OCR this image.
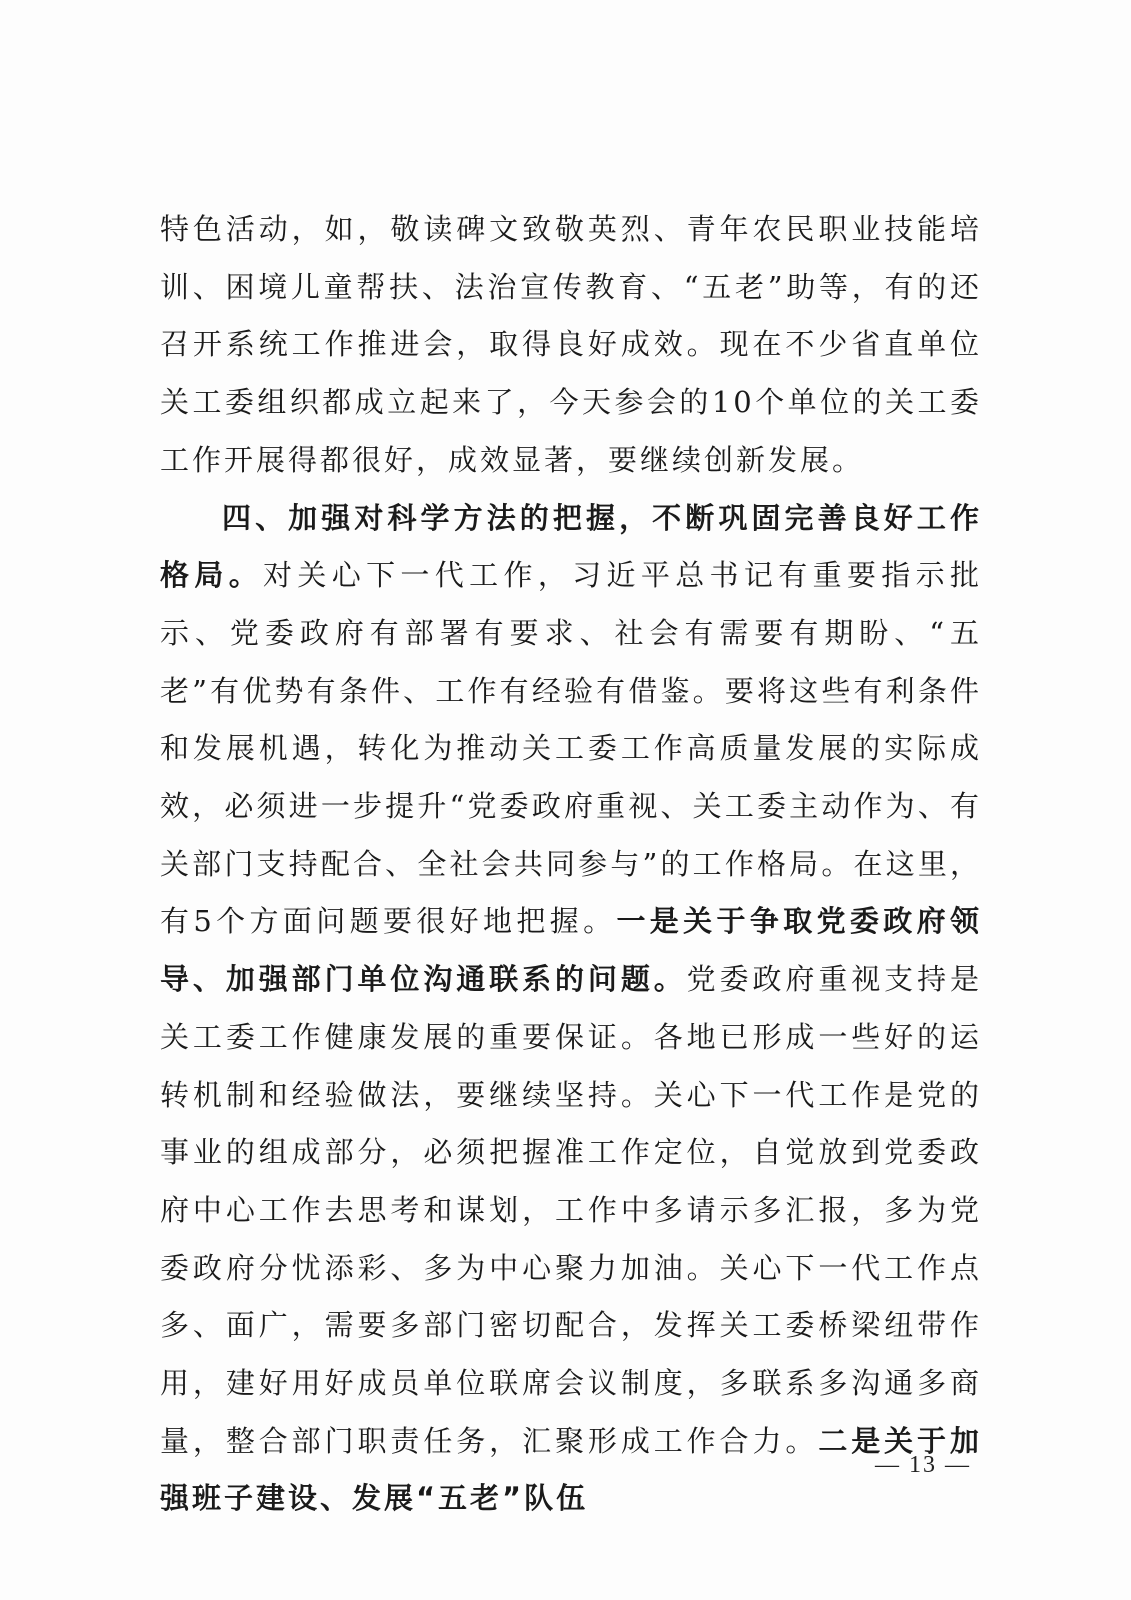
特色活动，如，敬读碑文致敬英烈、青年农民职业技能培训、困境儿童帮扶、法治宣传教育、“五老”助等，有的还召开系统工作推进会，取得良好成效。现在不少省直单位关工委组织都成立起来了，今天参会的10个单位的关工委工作开展得都很好，成效显著，要继续创新发展。

四、加强对科学方法的把握，不断巩固完善良好工作格局。对关心下一代工作，习近平总书记有重要指示批示、党委政府有部署有要求、社会有需要有期盼、“五老”有优势有条件、工作有经验有借鉴。要将这些有利条件和发展机遇，转化为推动关工委工作高质量发展的实际成效，必须进一步提升“党委政府重视、关工委主动作为、有关部门支持配合、全社会共同参与”的工作格局。在这里，有5个方面问题要很好地把握。一是关于争取党委政府领导、加强部门单位沟通联系的问题。党委政府重视支持是关工委工作健康发展的重要保证。各地已形成一些好的运转机制和经验做法，要继续坚持。关心下一代工作是党的事业的组成部分，必须把握准工作定位，自觉放到党委政府中心工作去思考和谋划，工作中多请示多汇报，多为党委政府分忧添彩、多为中心聚力加油。关心下一代工作点多、面广，需要多部门密切配合，发挥关工委桥梁纽带作用，建好用好成员单位联席会议制度，多联系多沟通多商量，整合部门职责任务，汇聚形成工作合力。二是关于加强班子建设、发展“五老”队伍

— 13 —
